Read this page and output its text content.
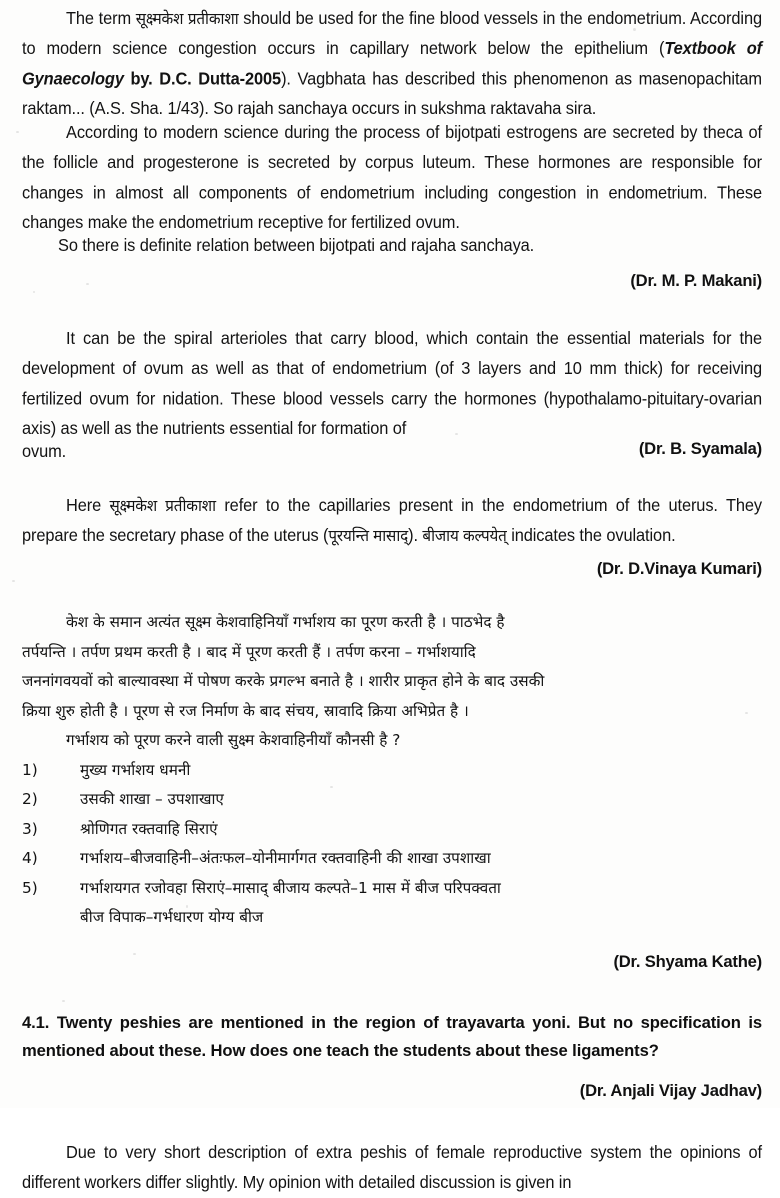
The term सूक्ष्मकेश प्रतीकाशा should be used for the fine blood vessels in the endometrium. According to modern science congestion occurs in capillary network below the epithelium (Textbook of Gynaecology by. D.C. Dutta-2005). Vagbhata has described this phenomenon as masenopachitam raktam... (A.S. Sha. 1/43). So rajah sanchaya occurs in sukshma raktavaha sira.

According to modern science during the process of bijotpati estrogens are secreted by theca of the follicle and progesterone is secreted by corpus luteum. These hormones are responsible for changes in almost all components of endometrium including congestion in endometrium. These changes make the endometrium receptive for fertilized ovum.

So there is definite relation between bijotpati and rajaha sanchaya.

(Dr. M. P. Makani)

It can be the spiral arterioles that carry blood, which contain the essential materials for the development of ovum as well as that of endometrium (of 3 layers and 10 mm thick) for receiving fertilized ovum for nidation. These blood vessels carry the hormones (hypothalamo-pituitary-ovarian axis) as well as the nutrients essential for formation of

ovum.	(Dr. B. Syamala)

Here सूक्ष्मकेश प्रतीकाशा refer to the capillaries present in the endometrium of the uterus. They prepare the secretary phase of the uterus (पूरयन्ति मासाद्). बीजाय कल्पयेत् indicates the ovulation.

(Dr. D.Vinaya Kumari)

केश के समान अत्यंत सूक्ष्म केशवाहिनियॉं गर्भाशय का पूरण करती है । पाठभेद है
तर्पयन्ति । तर्पण प्रथम करती है । बाद में पूरण करती हैं । तर्पण करना – गर्भाशयादि
जननांगवयवों को बाल्यावस्था में पोषण करके प्रगल्भ बनाते है । शारीर प्राकृत होने के बाद उसकी
क्रिया शुरु होती है । पूरण से रज निर्माण के बाद संचय, स्रावादि क्रिया अभिप्रेत है ।
गर्भाशय को पूरण करने वाली सुक्ष्म केशवाहिनीयॉं कौनसी है ?
1)	मुख्य गर्भाशय धमनी
2)	उसकी शाखा – उपशाखाए
3)	श्रोणिगत रक्तवाहि सिराएं
4)	गर्भाशय–बीजवाहिनी–अंतःफल–योनीमार्गगत रक्तवाहिनी की शाखा उपशाखा
5)	गर्भाशयगत रजोवहा सिराएं–मासाद् बीजाय कल्पते–1 मास में बीज परिपक्वता
बीज विपाक–गर्भधारण योग्य बीज

(Dr. Shyama Kathe)

4.1. Twenty peshies are mentioned in the region of trayavarta yoni. But no specification is mentioned about these. How does one teach the students about these ligaments?

(Dr. Anjali Vijay Jadhav)

Due to very short description of extra peshis of female reproductive system the opinions of different workers differ slightly. My opinion with detailed discussion is given in
